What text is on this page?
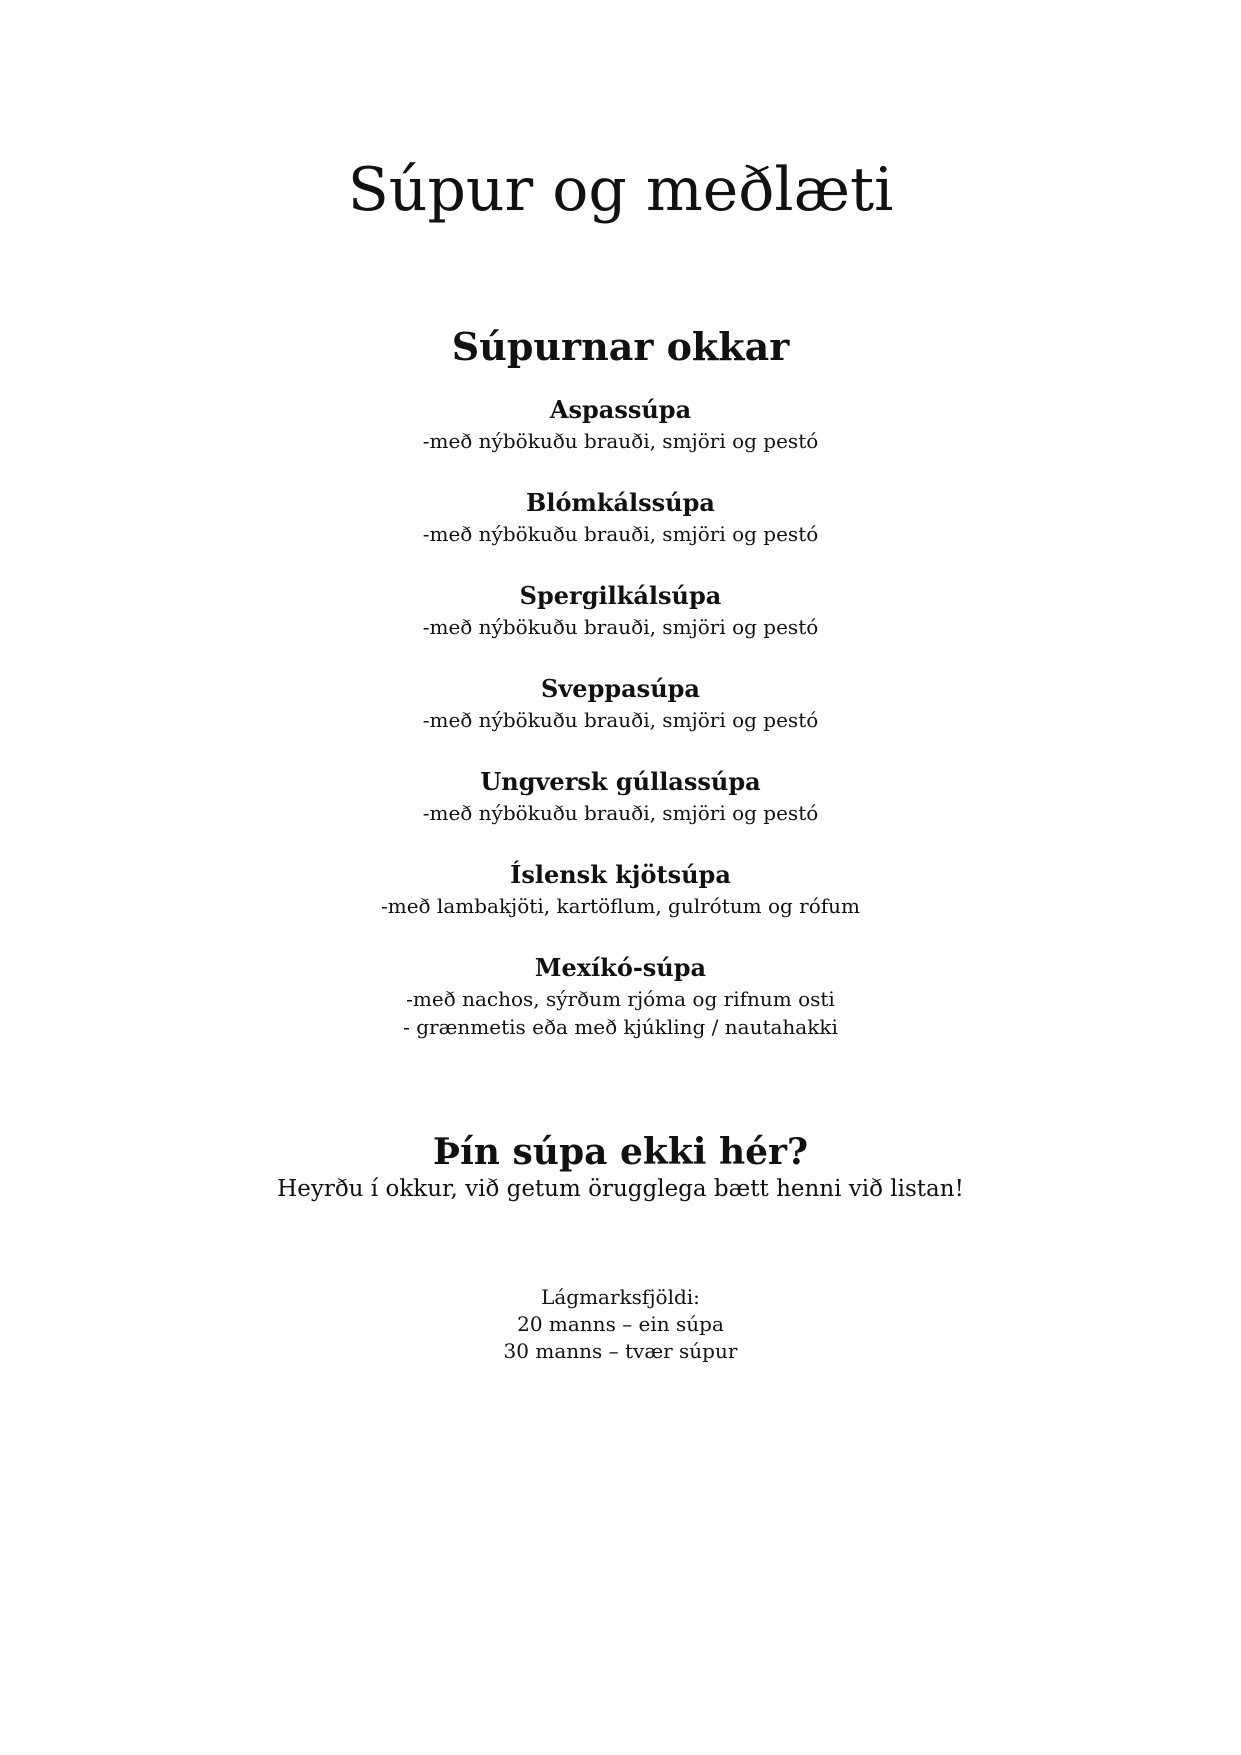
Súpur og meðlæti
Súpurnar okkar
Aspassúpa
-með nýbökuðu brauði, smjöri og pestó
Blómkálssúpa
-með nýbökuðu brauði, smjöri og pestó
Spergilkálsúpa
-með nýbökuðu brauði, smjöri og pestó
Sveppasúpa
-með nýbökuðu brauði, smjöri og pestó
Ungversk gúllassúpa
-með nýbökuðu brauði, smjöri og pestó
Íslensk kjötsúpa
-með lambakjöti, kartöflum, gulrótum og rófum
Mexíkó-súpa
-með nachos, sýrðum rjóma og rifnum osti
- grænmetis eða með kjúkling / nautahakki
Þín súpa ekki hér?

Heyrðu í okkur, við getum örugglega bætt henni við listan!

Lágmarksfjöldi:
20 manns – ein súpa
30 manns – tvær súpur
